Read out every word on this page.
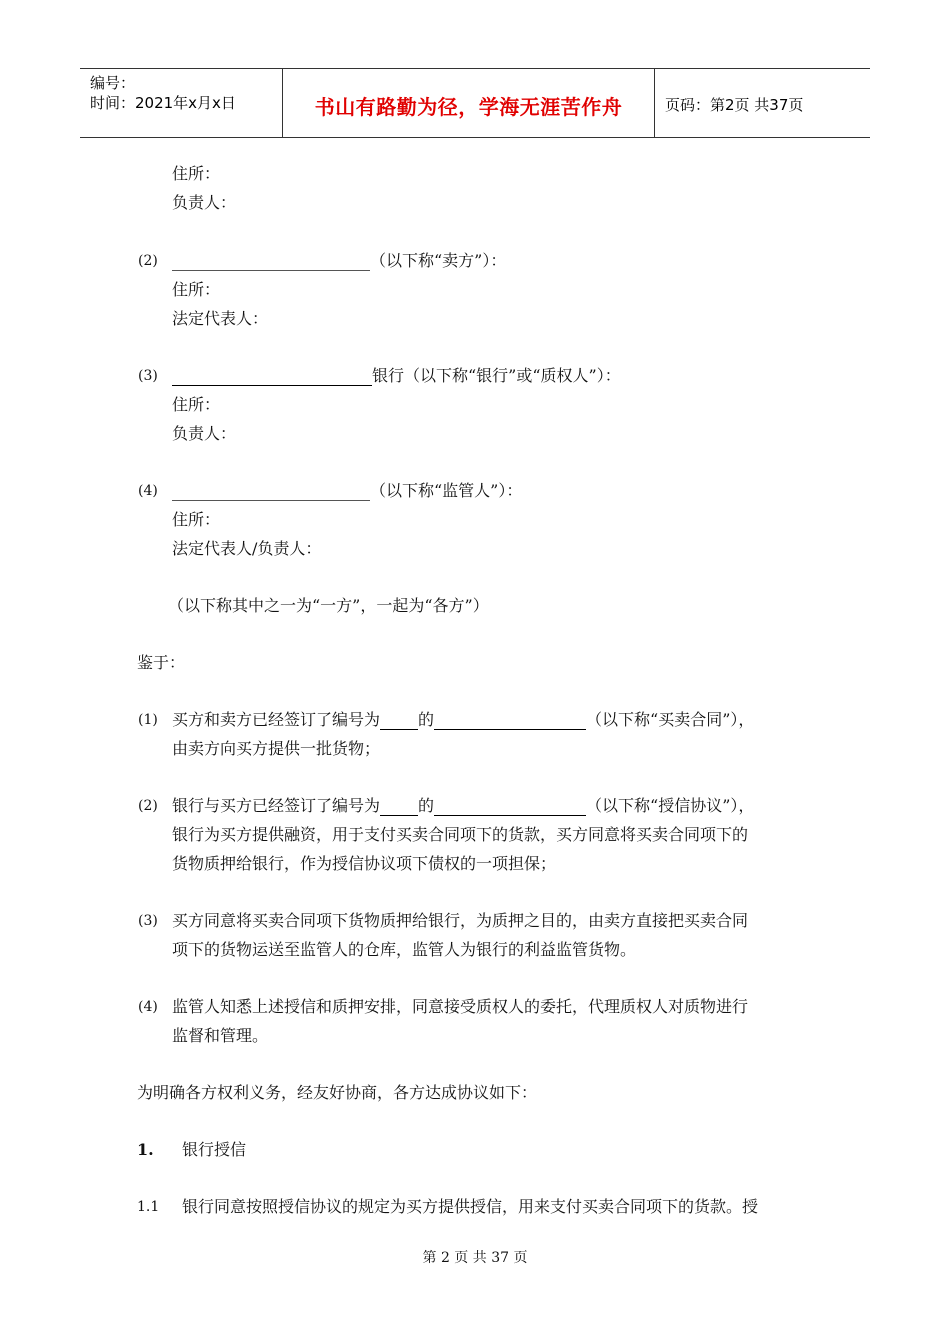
编号：
时间：2021年x月x日	书山有路勤为径，学海无涯苦作舟	页码：第2页 共37页
住所：
负责人：
(2)	（以下称“卖方”）：
住所：
法定代表人：
(3)	银行（以下称“银行”或“质权人”）：
住所：
负责人：
(4)	（以下称“监管人”）：
住所：
法定代表人/负责人：
（以下称其中之一为“一方”，一起为“各方”）
鉴于：
(1) 买方和卖方已经签订了编号为 的	（以下称“买卖合同”），
由卖方向买方提供一批货物；
(2) 银行与买方已经签订了编号为 的	（以下称“授信协议”），
银行为买方提供融资，用于支付买卖合同项下的货款，买方同意将买卖合同项下的
货物质押给银行，作为授信协议项下债权的一项担保；
(3) 买方同意将买卖合同项下货物质押给银行，为质押之目的，由卖方直接把买卖合同
项下的货物运送至监管人的仓库，监管人为银行的利益监管货物。
(4) 监管人知悉上述授信和质押安排，同意接受质权人的委托，代理质权人对质物进行
监督和管理。
为明确各方权利义务，经友好协商，各方达成协议如下：
1. 银行授信
1.1 银行同意按照授信协议的规定为买方提供授信，用来支付买卖合同项下的货款。授
第 2 页 共 37 页
